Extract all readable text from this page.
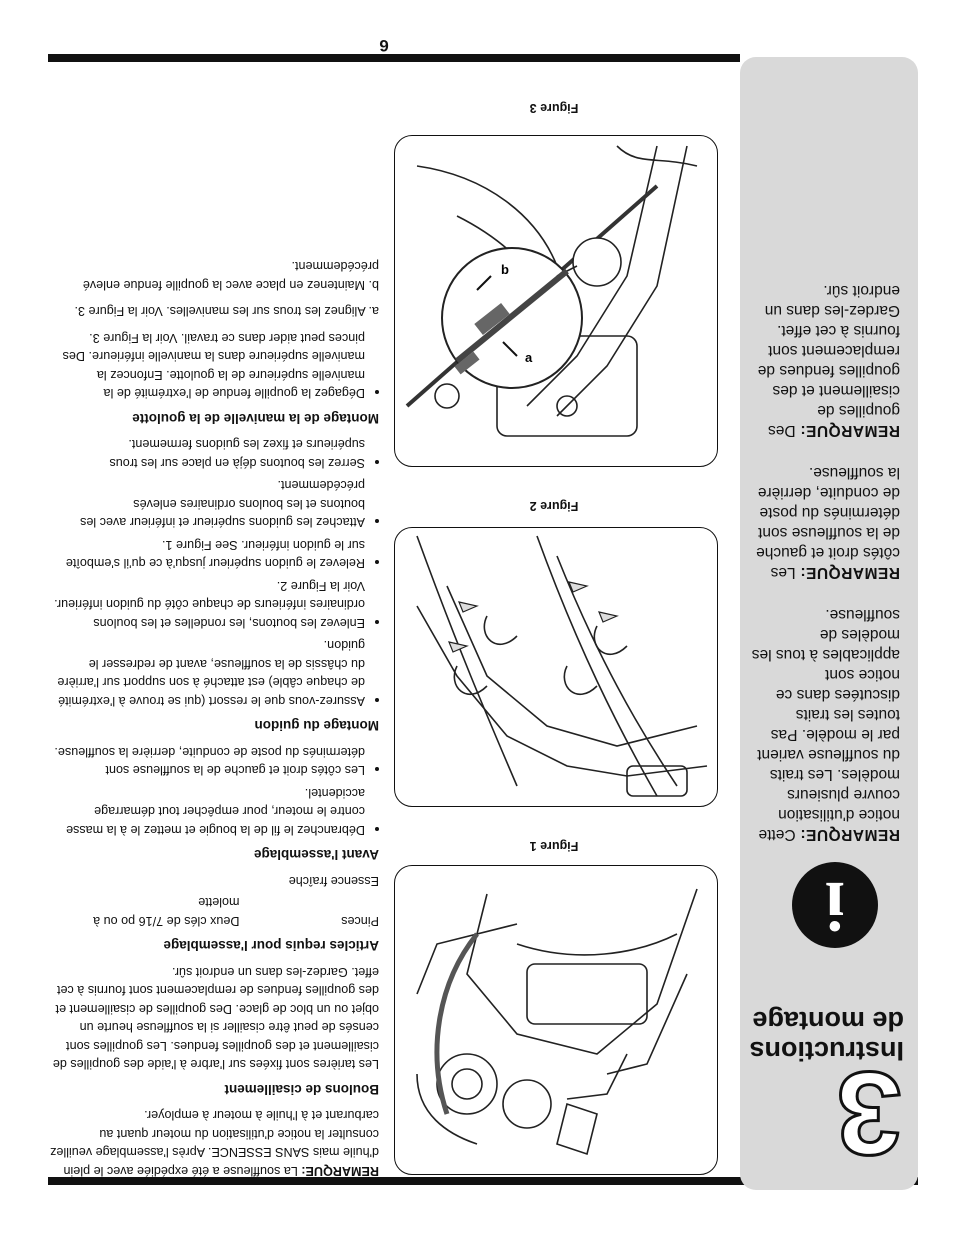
3
Instructions
de montage
i

REMARQUE: Cette notice d'utilisation couvre plusieurs modèles. Les traits du souffleuse varient par le modèle. Pas toutes les traits discutées dans ce notice sont applicables à tous les modèles de souffleuse.

REMARQUE: Les côtés droit et gauche de la souffleuse sont déterminés du poste de conduite, derrière la souffleuse.

REMARQUE: Des goupilles de cisaillement et des goupilles fendues de remplacement sont fournis à cet effet. Gardez-les dans un endroit sûr.

6
Figure 1
Figure 2
a
b
Figure 3

REMARQUE: La souffleuse a été expédiée avec le plein d'huile mais SANS ESSENCE. Après l'assemblage veuillez consulter la notice d'utilisation du moteur quant au carburant et à l'huile à moteur à employer.

Boulons de cisaillement

Les tarières sont fixées sur l'arbre à l'aide des goupilles de cisaillement et des goupilles fendues. Les goupilles sont censés de peut être cisailler si la souffleuse heurte un objet ou un bloc de glace. Des goupilles de cisaillement et des goupilles fendues de remplacement sont fournis à cet effet. Gardez-les dans un endroit sûr.

Articles requis pour l'assemblage
Pinces
Deux clés de 7/16 po ou à molette
Essence fraîche
Avant l'assemblage
• Débranchez le fil de la bougie et mettez le à la masse contre le moteur, pour empêcher tout démarrage accidentel.
• Les côtés droit et gauche de la souffleuse sont déterminés du poste de conduite, derrière la souffleuse.
Montage du guidon
• Assurez-vous que le ressort (qui se trouve à l'extrémité de chaque câble) est attaché à son support sur l'arrière du châssis de la souffleuse, avant de redresser le guidon.
• Enlevez les boutons, les rondelles et les boulons ordinaires inférieurs de chaque côté du guidon inférieur. Voir la Figure 2.
• Relevez le guidon supérieur jusqu'à ce qu'il s'emboîte sur le guidon inférieur. See Figure 1.
• Attachez les guidons supérieur et inférieur avec les boutons et les boulons ordinaires enlevés précédemment.
• Serrez les boutons déjà en place sur les trous supérieurs et fixez les guidons fermement.
Montage de la manivelle de la goulotte
• Dégagez la goupille fendue de l'extrémité de la manivelle supérieure de la goulotte. Enfoncez la manivelle supérieure dans la manivelle inférieure. Des pinces peut aider dans ce travail. Voir la Figure 3.

a. Alignez les trous sur les manivelles. Voir la Figure 3.

b. Maintenez en place avec la goupille fendue enlevé précédemment.
